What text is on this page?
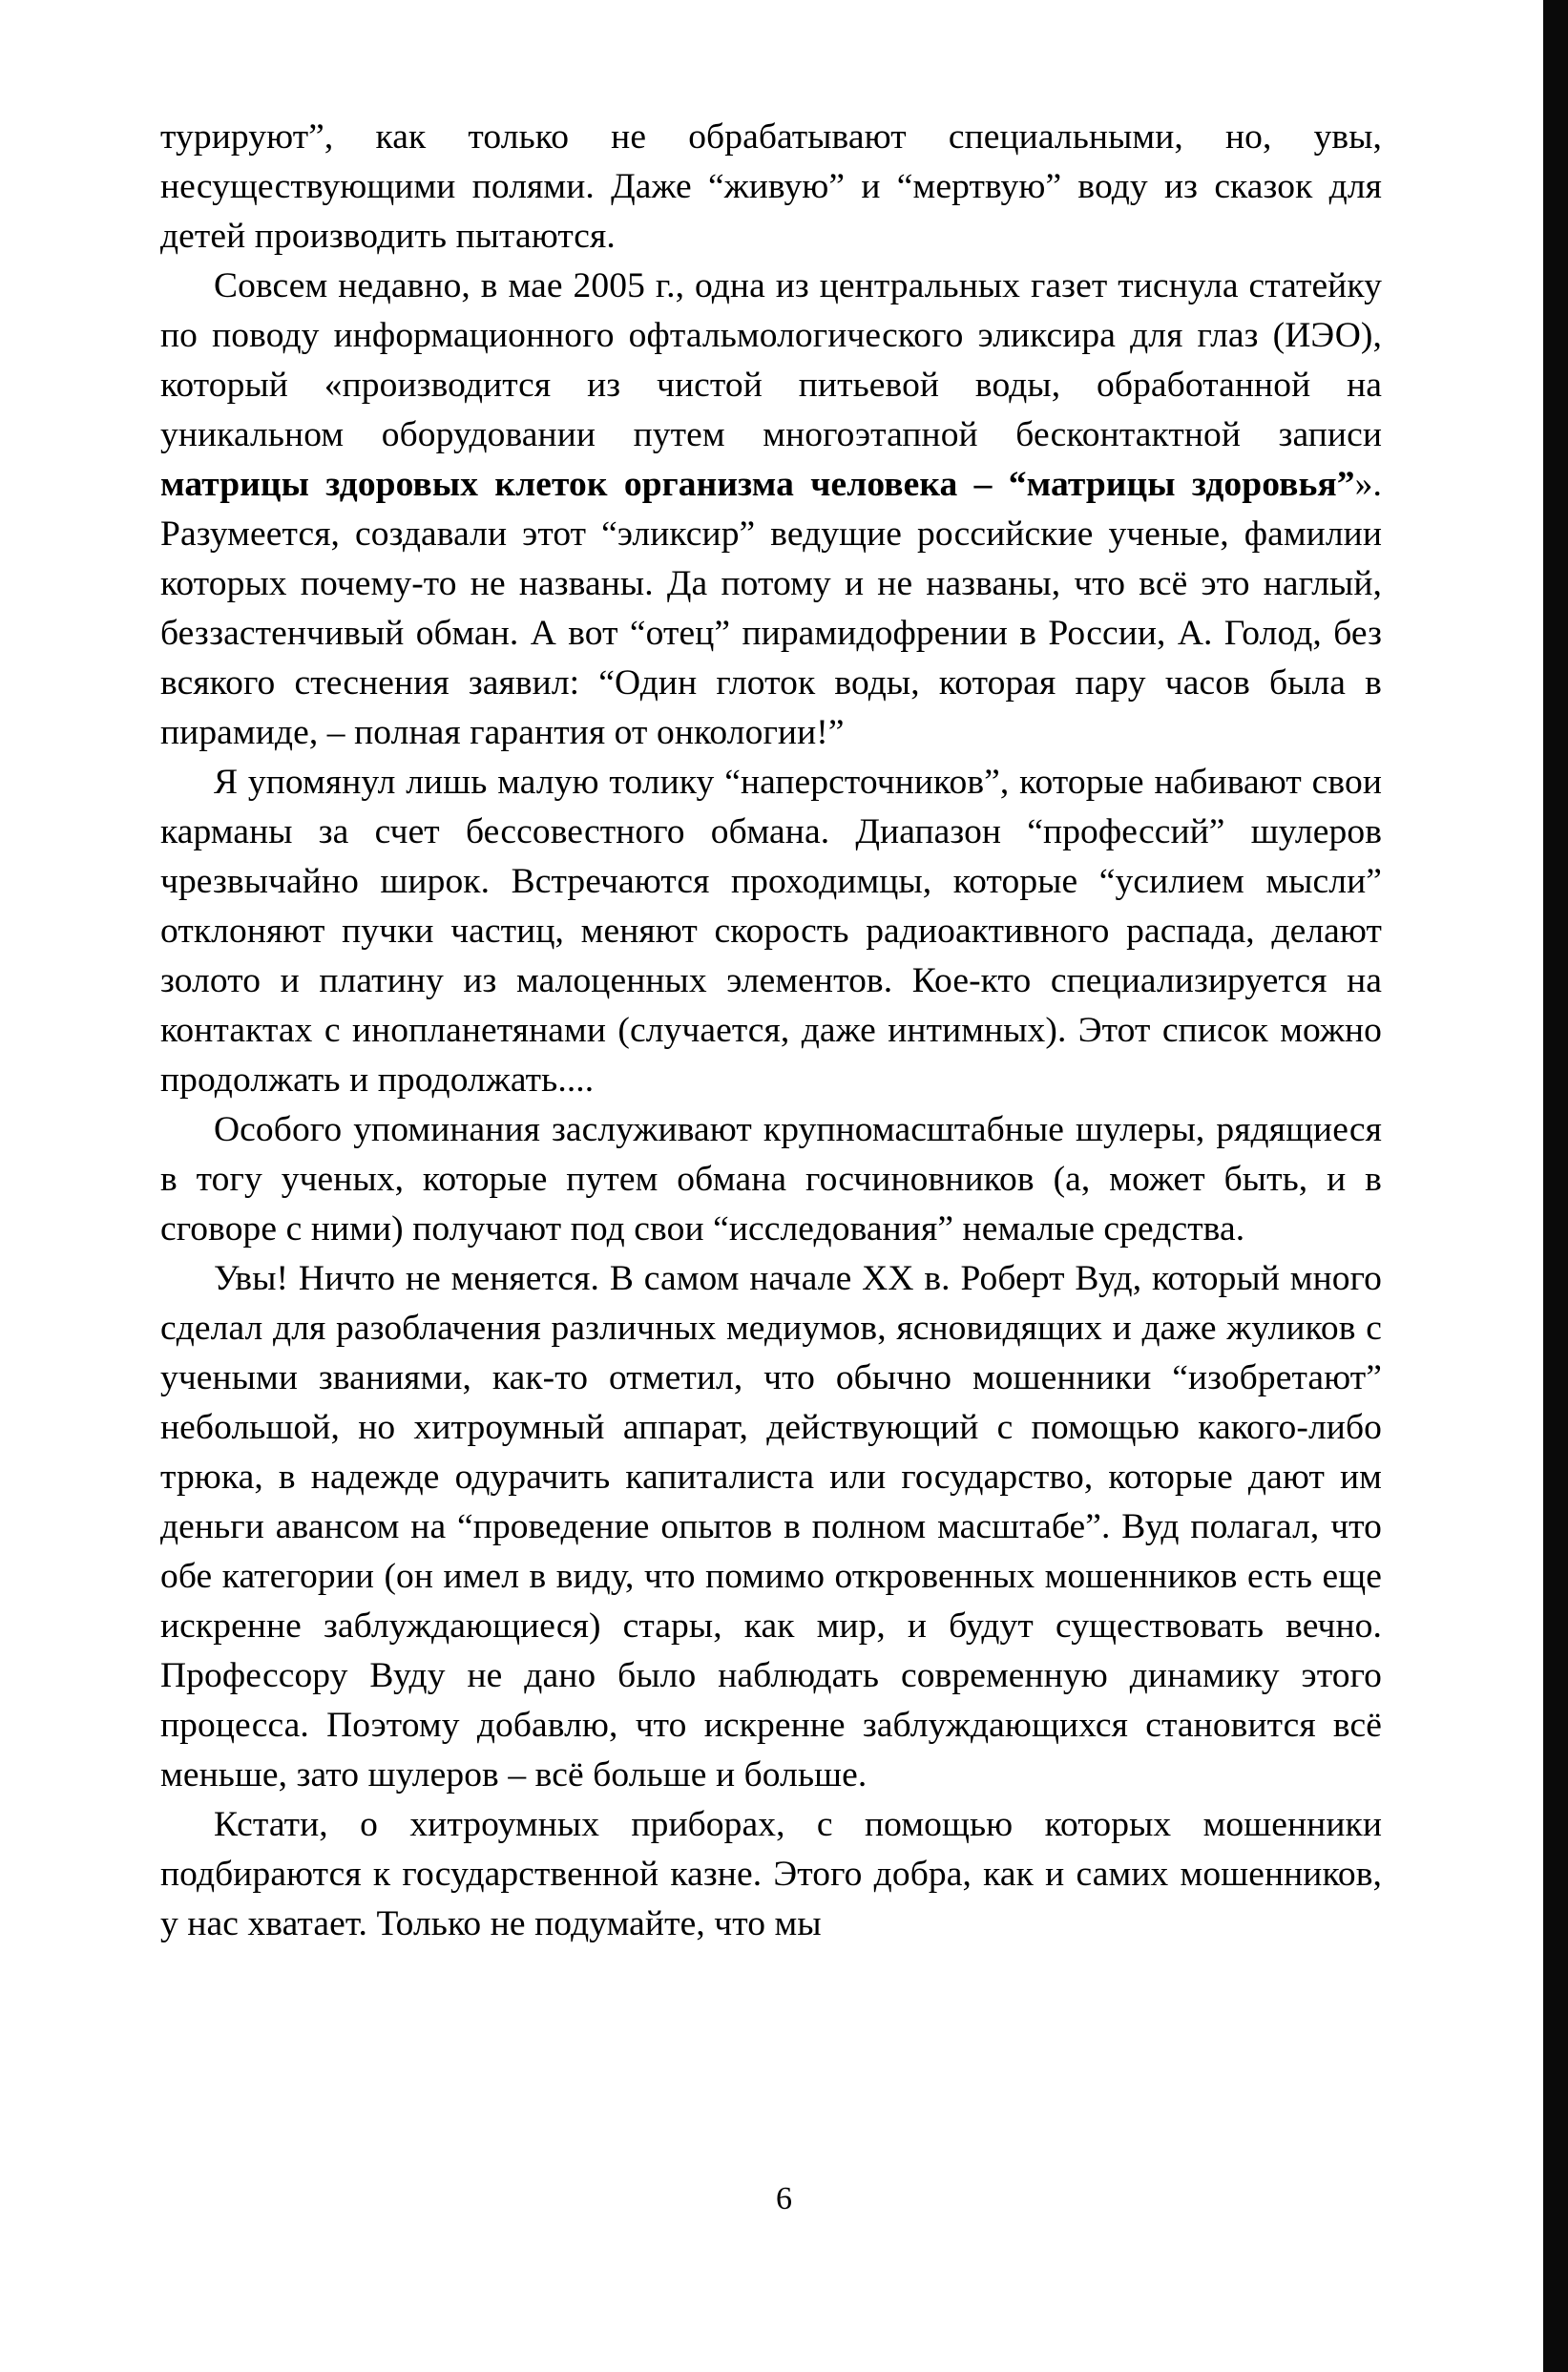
турируют”, как только не обрабатывают специальными, но, увы, несуществующими полями. Даже “живую” и “мертвую” воду из сказок для детей производить пытаются.

Совсем недавно, в мае 2005 г., одна из центральных газет тиснула статейку по поводу информационного офтальмологического эликсира для глаз (ИЭО), который «производится из чистой питьевой воды, обработанной на уникальном оборудовании путем многоэтапной бесконтактной записи матрицы здоровых клеток организма человека – “матрицы здоровья”». Разумеется, создавали этот “эликсир” ведущие российские ученые, фамилии которых почему-то не названы. Да потому и не названы, что всё это наглый, беззастенчивый обман. А вот “отец” пирамидофрении в России, А. Голод, без всякого стеснения заявил: “Один глоток воды, которая пару часов была в пирамиде, – полная гарантия от онкологии!”

Я упомянул лишь малую толику “наперсточников”, которые набивают свои карманы за счет бессовестного обмана. Диапазон “профессий” шулеров чрезвычайно широк. Встречаются проходимцы, которые “усилием мысли” отклоняют пучки частиц, меняют скорость радиоактивного распада, делают золото и платину из малоценных элементов. Кое-кто специализируется на контактах с инопланетянами (случается, даже интимных). Этот список можно продолжать и продолжать....

Особого упоминания заслуживают крупномасштабные шулеры, рядящиеся в тогу ученых, которые путем обмана госчиновников (а, может быть, и в сговоре с ними) получают под свои “исследования” немалые средства.

Увы! Ничто не меняется. В самом начале XX в. Роберт Вуд, который много сделал для разоблачения различных медиумов, ясновидящих и даже жуликов с учеными званиями, как-то отметил, что обычно мошенники “изобретают” небольшой, но хитроумный аппарат, действующий с помощью какого-либо трюка, в надежде одурачить капиталиста или государство, которые дают им деньги авансом на “проведение опытов в полном масштабе”. Вуд полагал, что обе категории (он имел в виду, что помимо откровенных мошенников есть еще искренне заблуждающиеся) стары, как мир, и будут существовать вечно. Профессору Вуду не дано было наблюдать современную динамику этого процесса. Поэтому добавлю, что искренне заблуждающихся становится всё меньше, зато шулеров – всё больше и больше.

Кстати, о хитроумных приборах, с помощью которых мошенники подбираются к государственной казне. Этого добра, как и самих мошенников, у нас хватает. Только не подумайте, что мы

6
